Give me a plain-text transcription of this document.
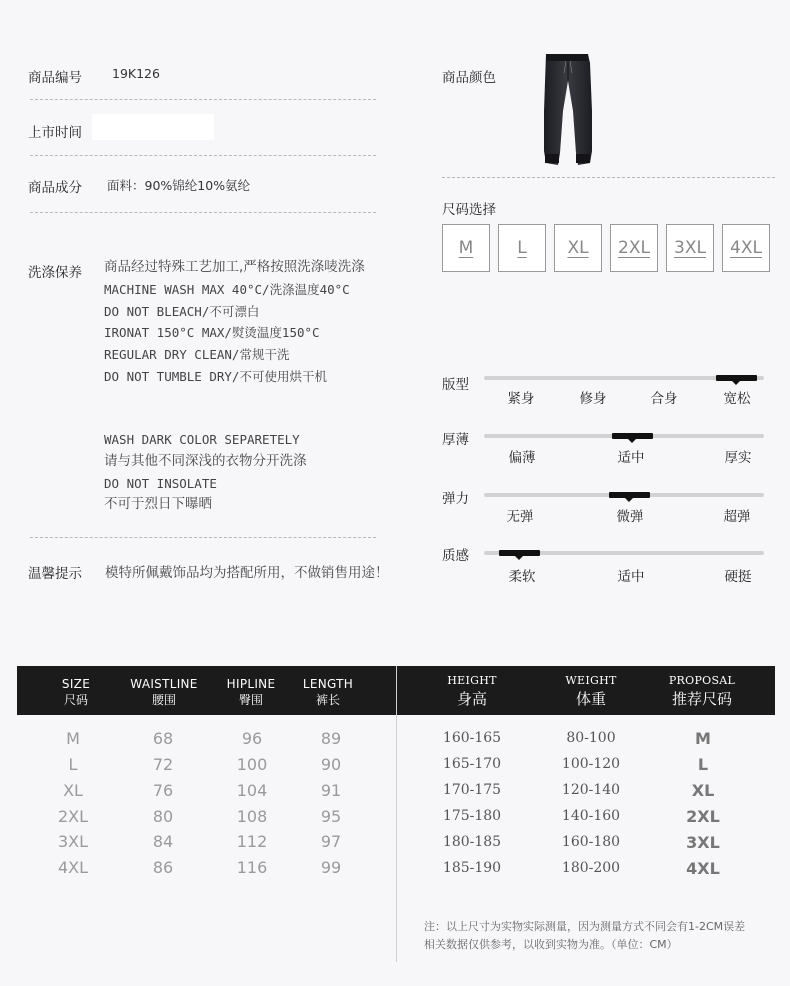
商品编号 19K126
上市时间
商品成分 面料：90%锦纶10%氨纶
洗涤保养 商品经过特殊工艺加工,严格按照洗涤唛洗涤
MACHINE WASH MAX 40°C/洗涤温度40°C
DO NOT BLEACH/不可漂白
IRONAT 150°C MAX/熨烫温度150°C
REGULAR DRY CLEAN/常规干洗
DO NOT TUMBLE DRY/不可使用烘干机
WASH DARK COLOR SEPARETELY
请与其他不同深浅的衣物分开洗涤
DO NOT INSOLATE
不可于烈日下曝晒
温馨提示 模特所佩戴饰品均为搭配所用，不做销售用途！
商品颜色
尺码选择
M	L XL 2XL 3XL 4XL
版型
紧身	修身	合身	宽松
厚薄
偏薄	适中	厚实
弹力
无弹	微弹	超弹
质感
柔软	适中	硬挺
SIZE
尺码
WAISTLINE
腰围
HIPLINE
臀围
LENGTH
裤长
M	68	96	89
L	72	100	90
XL	76	104	91
2XL	80	108	95
3XL	84	112	97
4XL	86	116	99
HEIGHT
身高
WEIGHT
体重
PROPOSAL
推荐尺码
160-165	80-100	M
165-170	100-120	L
170-175	120-140	XL
175-180	140-160	2XL
180-185	160-180	3XL
185-190	180-200	4XL
注：以上尺寸为实物实际测量，因为测量方式不同会有1-2CM误差
相关数据仅供参考，以收到实物为准。（单位：CM）
